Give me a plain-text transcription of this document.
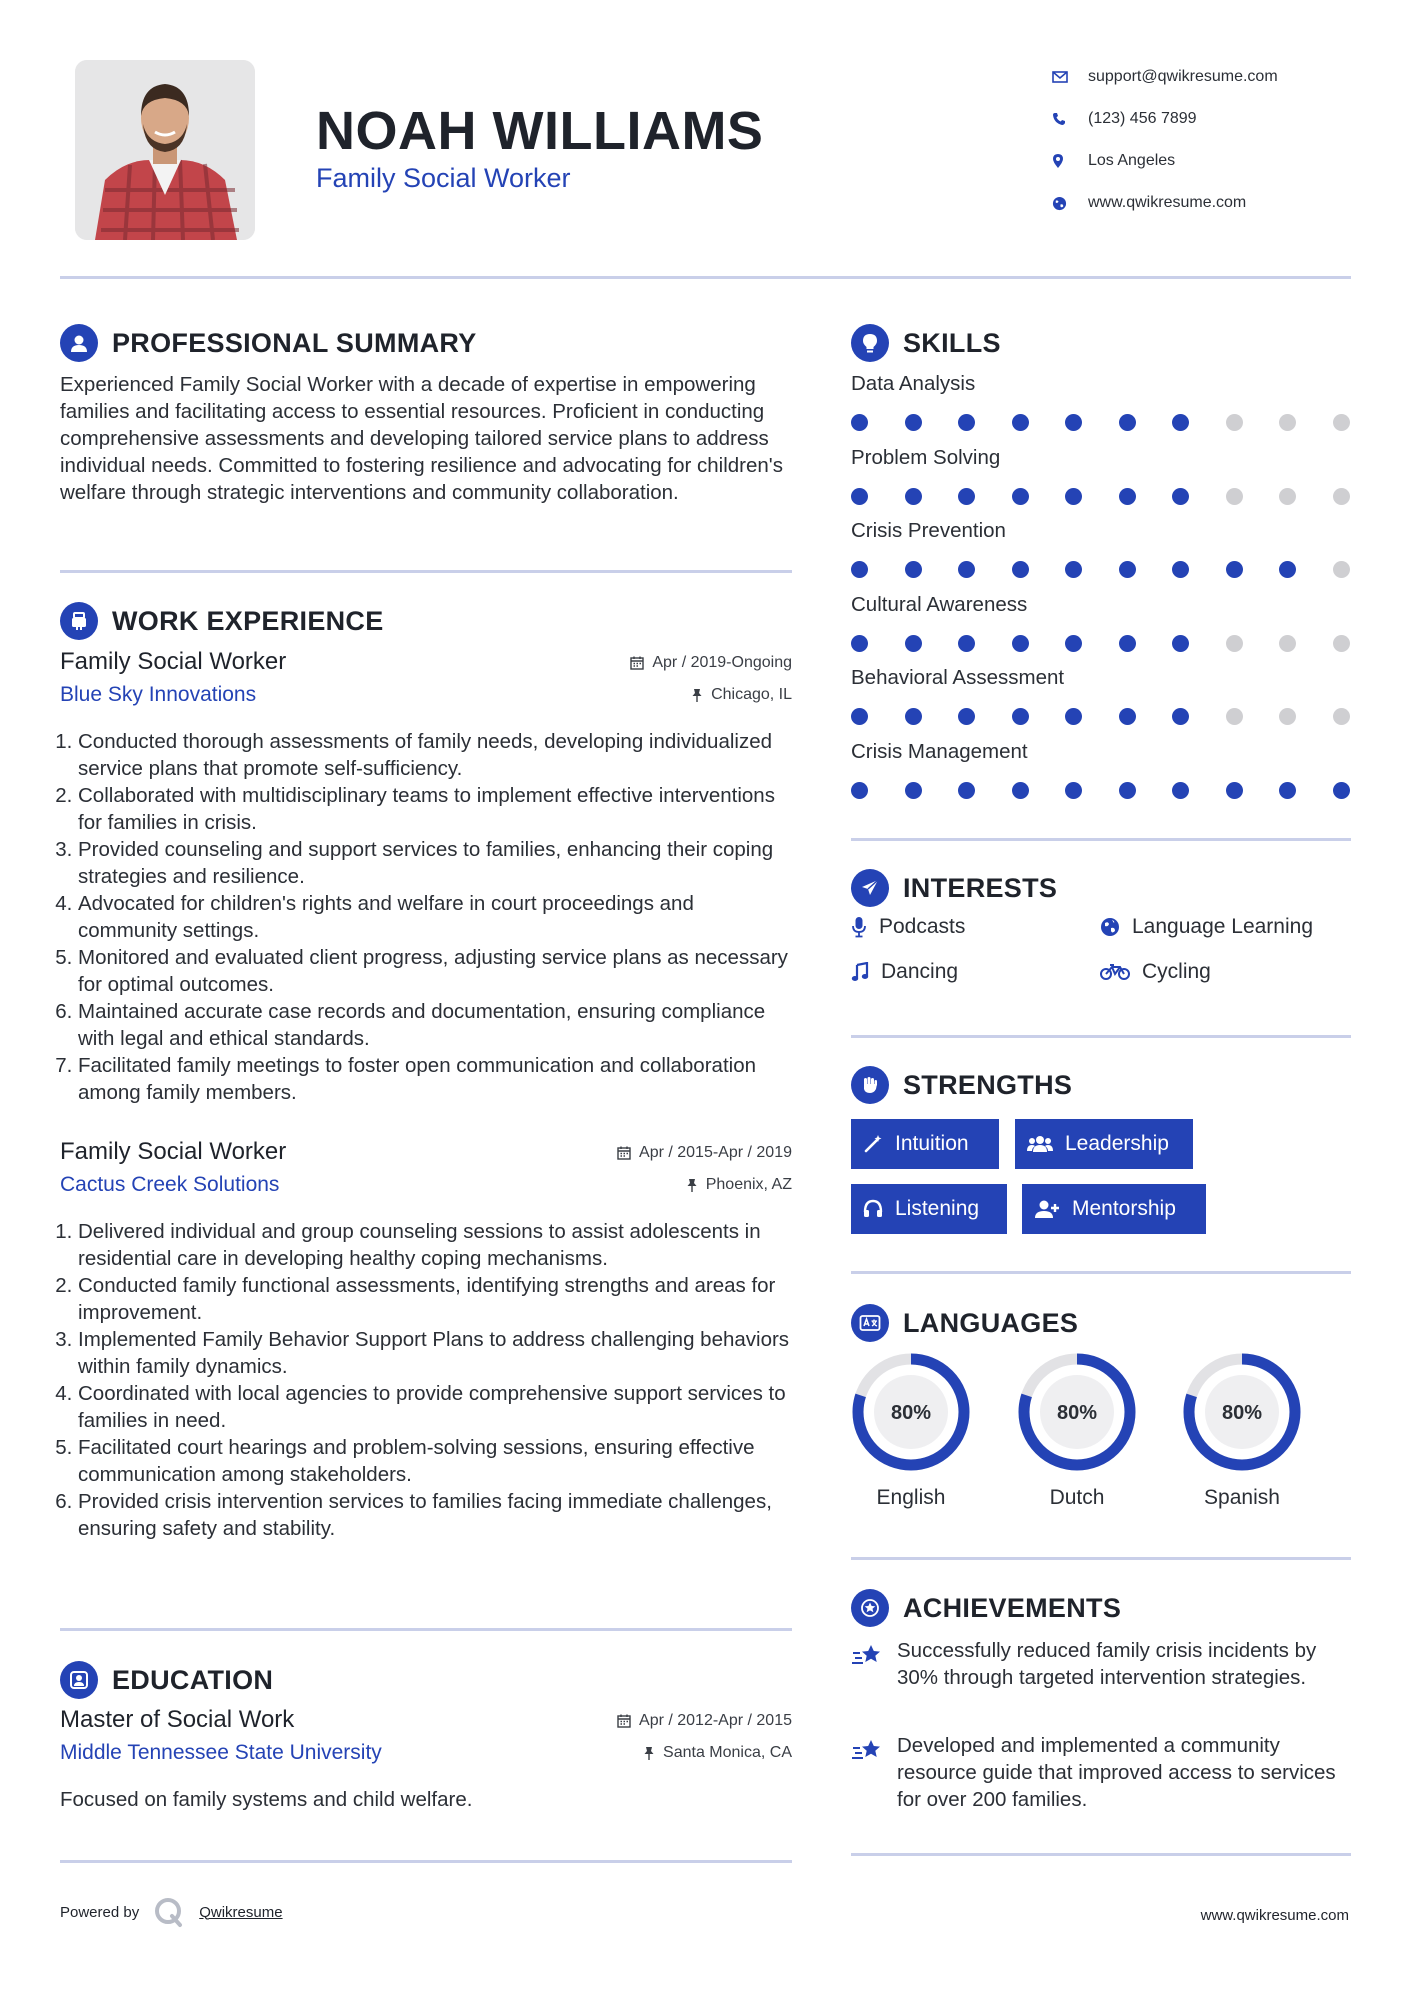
NOAH WILLIAMS
Family Social Worker
support@qwikresume.com
(123) 456 7899
Los Angeles
www.qwikresume.com
PROFESSIONAL SUMMARY
Experienced Family Social Worker with a decade of expertise in empowering families and facilitating access to essential resources. Proficient in conducting comprehensive assessments and developing tailored service plans to address individual needs. Committed to fostering resilience and advocating for children's welfare through strategic interventions and community collaboration.
WORK EXPERIENCE
Family Social Worker
Blue Sky Innovations
Apr / 2019-Ongoing
Chicago, IL
1. Conducted thorough assessments of family needs, developing individualized service plans that promote self-sufficiency.
2. Collaborated with multidisciplinary teams to implement effective interventions for families in crisis.
3. Provided counseling and support services to families, enhancing their coping strategies and resilience.
4. Advocated for children's rights and welfare in court proceedings and community settings.
5. Monitored and evaluated client progress, adjusting service plans as necessary for optimal outcomes.
6. Maintained accurate case records and documentation, ensuring compliance with legal and ethical standards.
7. Facilitated family meetings to foster open communication and collaboration among family members.
Family Social Worker
Cactus Creek Solutions
Apr / 2015-Apr / 2019
Phoenix, AZ
1. Delivered individual and group counseling sessions to assist adolescents in residential care in developing healthy coping mechanisms.
2. Conducted family functional assessments, identifying strengths and areas for improvement.
3. Implemented Family Behavior Support Plans to address challenging behaviors within family dynamics.
4. Coordinated with local agencies to provide comprehensive support services to families in need.
5. Facilitated court hearings and problem-solving sessions, ensuring effective communication among stakeholders.
6. Provided crisis intervention services to families facing immediate challenges, ensuring safety and stability.
EDUCATION
Master of Social Work
Middle Tennessee State University
Apr / 2012-Apr / 2015
Santa Monica, CA
Focused on family systems and child welfare.
SKILLS
Data Analysis
Problem Solving
Crisis Prevention
Cultural Awareness
Behavioral Assessment
Crisis Management
INTERESTS
Podcasts	Language Learning
Dancing	Cycling
STRENGTHS
Intuition	Leadership
Listening	Mentorship
LANGUAGES
80%
English
80%
Dutch
80%
Spanish
ACHIEVEMENTS
Successfully reduced family crisis incidents by 30% through targeted intervention strategies.
Developed and implemented a community resource guide that improved access to services for over 200 families.
Powered by	Qwikresume	www.qwikresume.com
